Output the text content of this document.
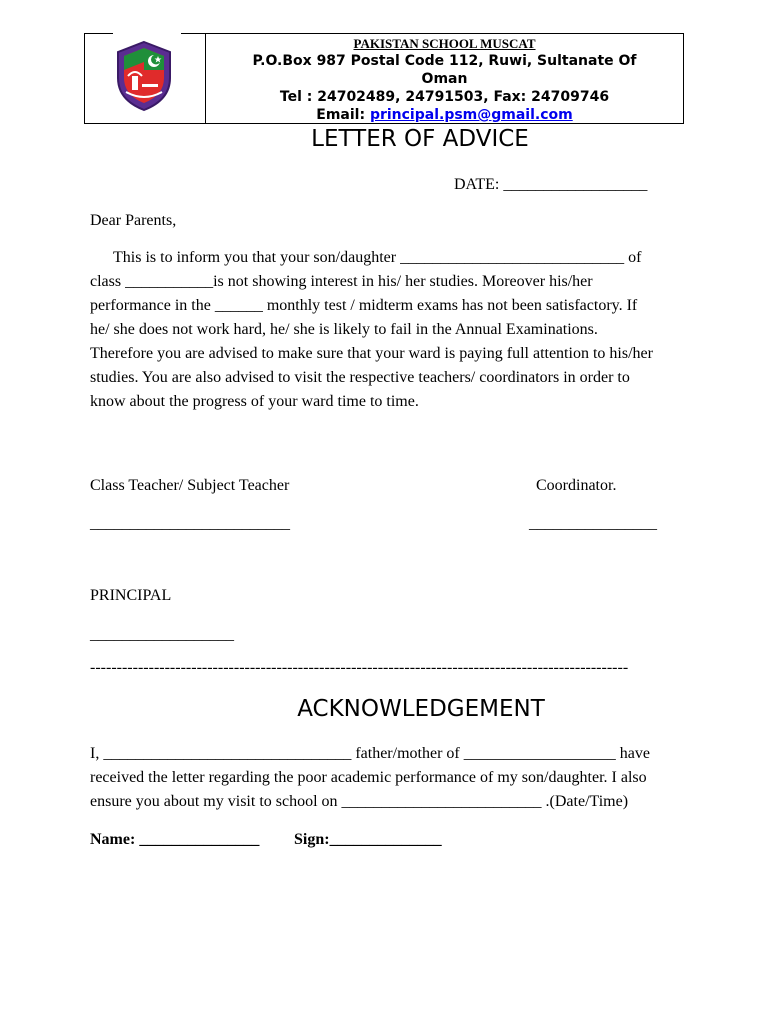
PAKISTAN SCHOOL MUSCAT
P.O.Box 987 Postal Code 112, Ruwi, Sultanate Of
Oman
Tel : 24702489, 24791503, Fax: 24709746
Email: principal.psm@gmail.com
LETTER OF ADVICE
DATE: __________________
Dear Parents,
This is to inform you that your son/daughter ____________________________ of
class ___________is not showing interest in his/ her studies. Moreover his/her
performance in the ______ monthly test / midterm exams has not been satisfactory. If
he/ she does not work hard, he/ she is likely to fail in the Annual Examinations.
Therefore you are advised to make sure that your ward is paying full attention to his/her
studies. You are also advised to visit the respective teachers/ coordinators in order to
know about the progress of your ward time to time.
Class Teacher/ Subject Teacher	Coordinator.
_________________________	________________
PRINCIPAL
__________________
-----------------------------------------------------------------------------------------------------
ACKNOWLEDGEMENT
I, _______________________________ father/mother of ___________________ have
received the letter regarding the poor academic performance of my son/daughter. I also
ensure you about my visit to school on _________________________ .(Date/Time)
Name: _______________ Sign:______________
